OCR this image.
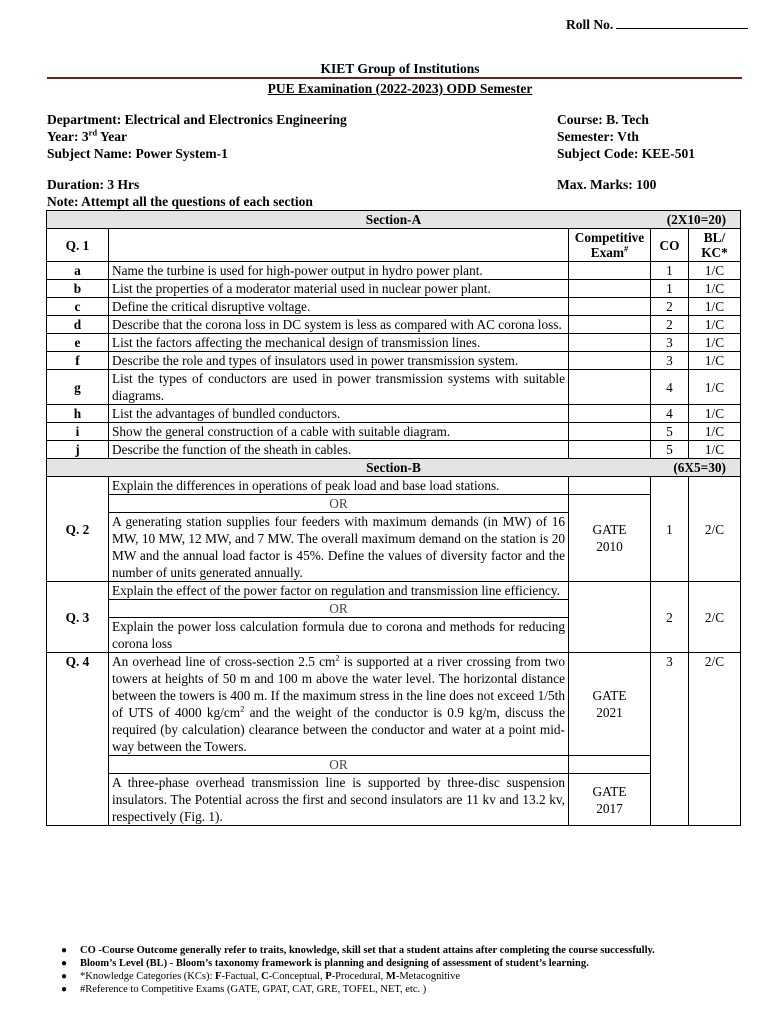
Roll No.
KIET Group of Institutions
PUE Examination (2022-2023) ODD Semester
Department: Electrical and Electronics Engineering
Year: 3rd Year
Subject Name: Power System-1
Course: B. Tech
Semester: Vth
Subject Code: KEE-501
Duration: 3 Hrs	Max. Marks: 100
Note: Attempt all the questions of each section
Section-A (2X10=20)				

Q. 1		Competitive Exam#	CO	BL/
KC*

a	Name the turbine is used for high-power output in hydro power plant.		1	1/C
b	List the properties of a moderator material used in nuclear power plant.		1	1/C
c	Define the critical disruptive voltage.		2	1/C
d	Describe that the corona loss in DC system is less as compared with AC corona loss.		2	1/C
e	List the factors affecting the mechanical design of transmission lines.		3	1/C
f	Describe the role and types of insulators used in power transmission system.		3	1/C
g	List the types of conductors are used in power transmission systems with suitable diagrams.		4	1/C
h	List the advantages of bundled conductors.		4	1/C
i	Show the general construction of a cable with suitable diagram.		5	1/C
j	Describe the function of the sheath in cables.		5	1/C
Section-B (6X5=30)				

Q. 2	Explain the differences in operations of peak load and base load stations.		1	2/C
	OR	GATE
2010		

	A generating station supplies four feeders with maximum demands (in MW) of 16 MW, 10 MW, 12 MW, and 7 MW. The overall maximum demand on the station is 20 MW and the annual load factor is 45%. Define the values of diversity factor and the number of units generated annually.			
Q. 3	Explain the effect of the power factor on regulation and transmission line efficiency.		2	2/C
	OR			
	Explain the power loss calculation formula due to corona and methods for reducing corona loss			
Q. 4	An overhead line of cross-section 2.5 $cm^2$ is supported at a river crossing from two towers at heights of 50 m and 100 m above the water level. The horizontal distance between the towers is 400 m. If the maximum stress in the line does not exceed 1/5th of UTS of 4000 $kg/cm^2$ and the weight of the conductor is 0.9 kg/m, discuss the required (by calculation) clearance between the conductor and water at a point mid-way between the Towers.	GATE
2021	3	2/C
	OR			
	A three-phase overhead transmission line is supported by three-disc suspension insulators. The Potential across the first and second insulators are 11 kv and 13.2 kv, respectively (Fig. 1).	GATE
2017		
● CO -Course Outcome generally refer to traits, knowledge, skill set that a student attains after completing the course successfully.
● Bloom’s Level (BL) - Bloom’s taxonomy framework is planning and designing of assessment of student’s learning.
● *Knowledge Categories (KCs): F-Factual, C-Conceptual, P-Procedural, M-Metacognitive
● #Reference to Competitive Exams (GATE, GPAT, CAT, GRE, TOFEL, NET, etc. )
